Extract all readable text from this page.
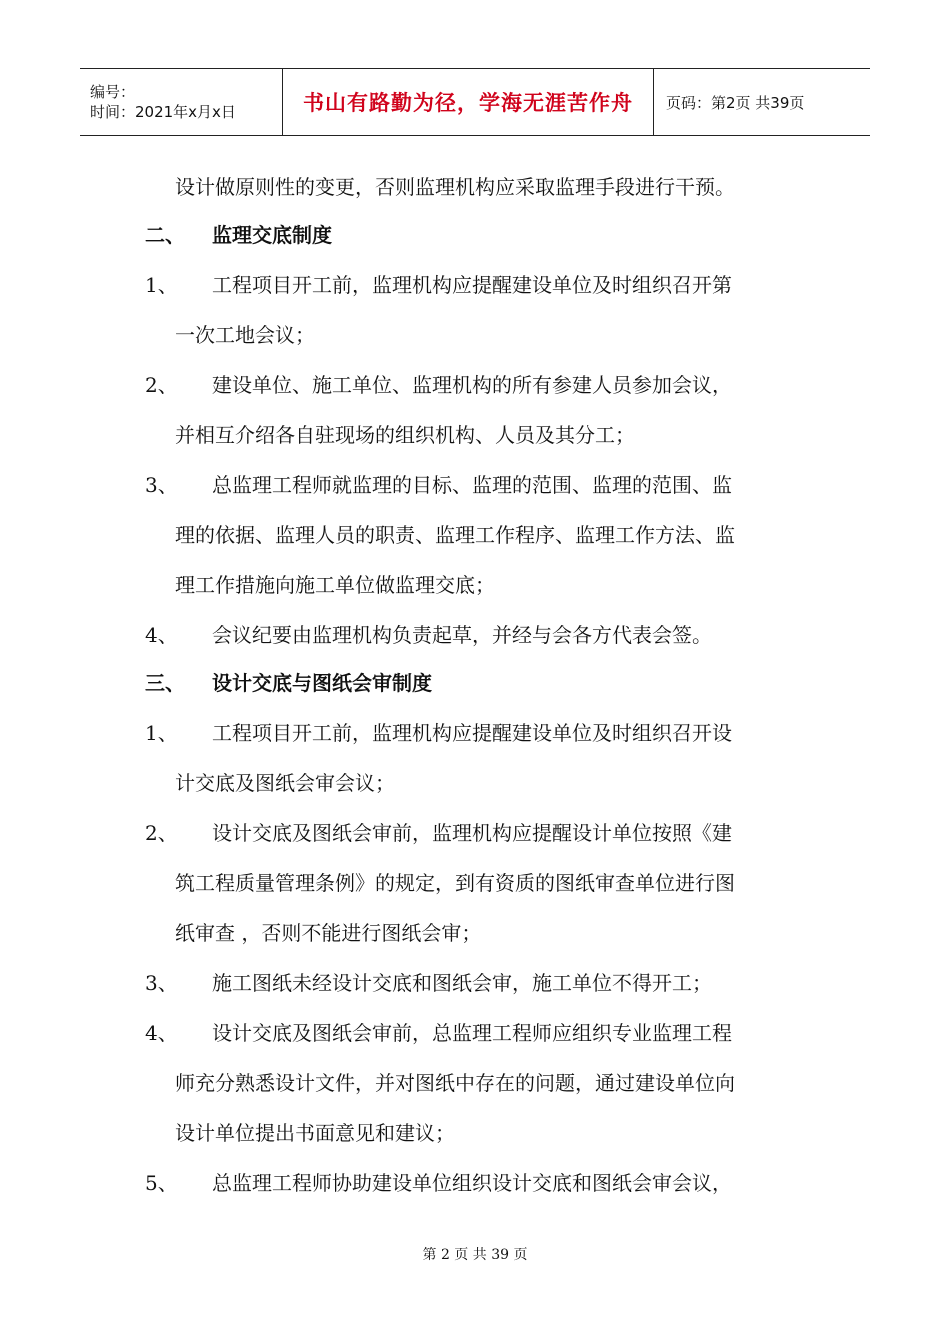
编号：
时间：2021年x月x日	书山有路勤为径，学海无涯苦作舟 页码：第2页 共39页
设计做原则性的变更，否则监理机构应采取监理手段进行干预。
二、 监理交底制度
1、 工程项目开工前，监理机构应提醒建设单位及时组织召开第
一次工地会议；
2、 建设单位、施工单位、监理机构的所有参建人员参加会议，
并相互介绍各自驻现场的组织机构、人员及其分工；
3、 总监理工程师就监理的目标、监理的范围、监理的范围、监
理的依据、监理人员的职责、监理工作程序、监理工作方法、监
理工作措施向施工单位做监理交底；
4、 会议纪要由监理机构负责起草，并经与会各方代表会签。
三、 设计交底与图纸会审制度
1、 工程项目开工前，监理机构应提醒建设单位及时组织召开设
计交底及图纸会审会议；
2、 设计交底及图纸会审前，监理机构应提醒设计单位按照《建
筑工程质量管理条例》的规定，到有资质的图纸审查单位进行图
纸审查 ，否则不能进行图纸会审；
3、 施工图纸未经设计交底和图纸会审，施工单位不得开工；
4、 设计交底及图纸会审前，总监理工程师应组织专业监理工程
师充分熟悉设计文件，并对图纸中存在的问题，通过建设单位向
设计单位提出书面意见和建议；
5、 总监理工程师协助建设单位组织设计交底和图纸会审会议，
第 2 页 共 39 页
